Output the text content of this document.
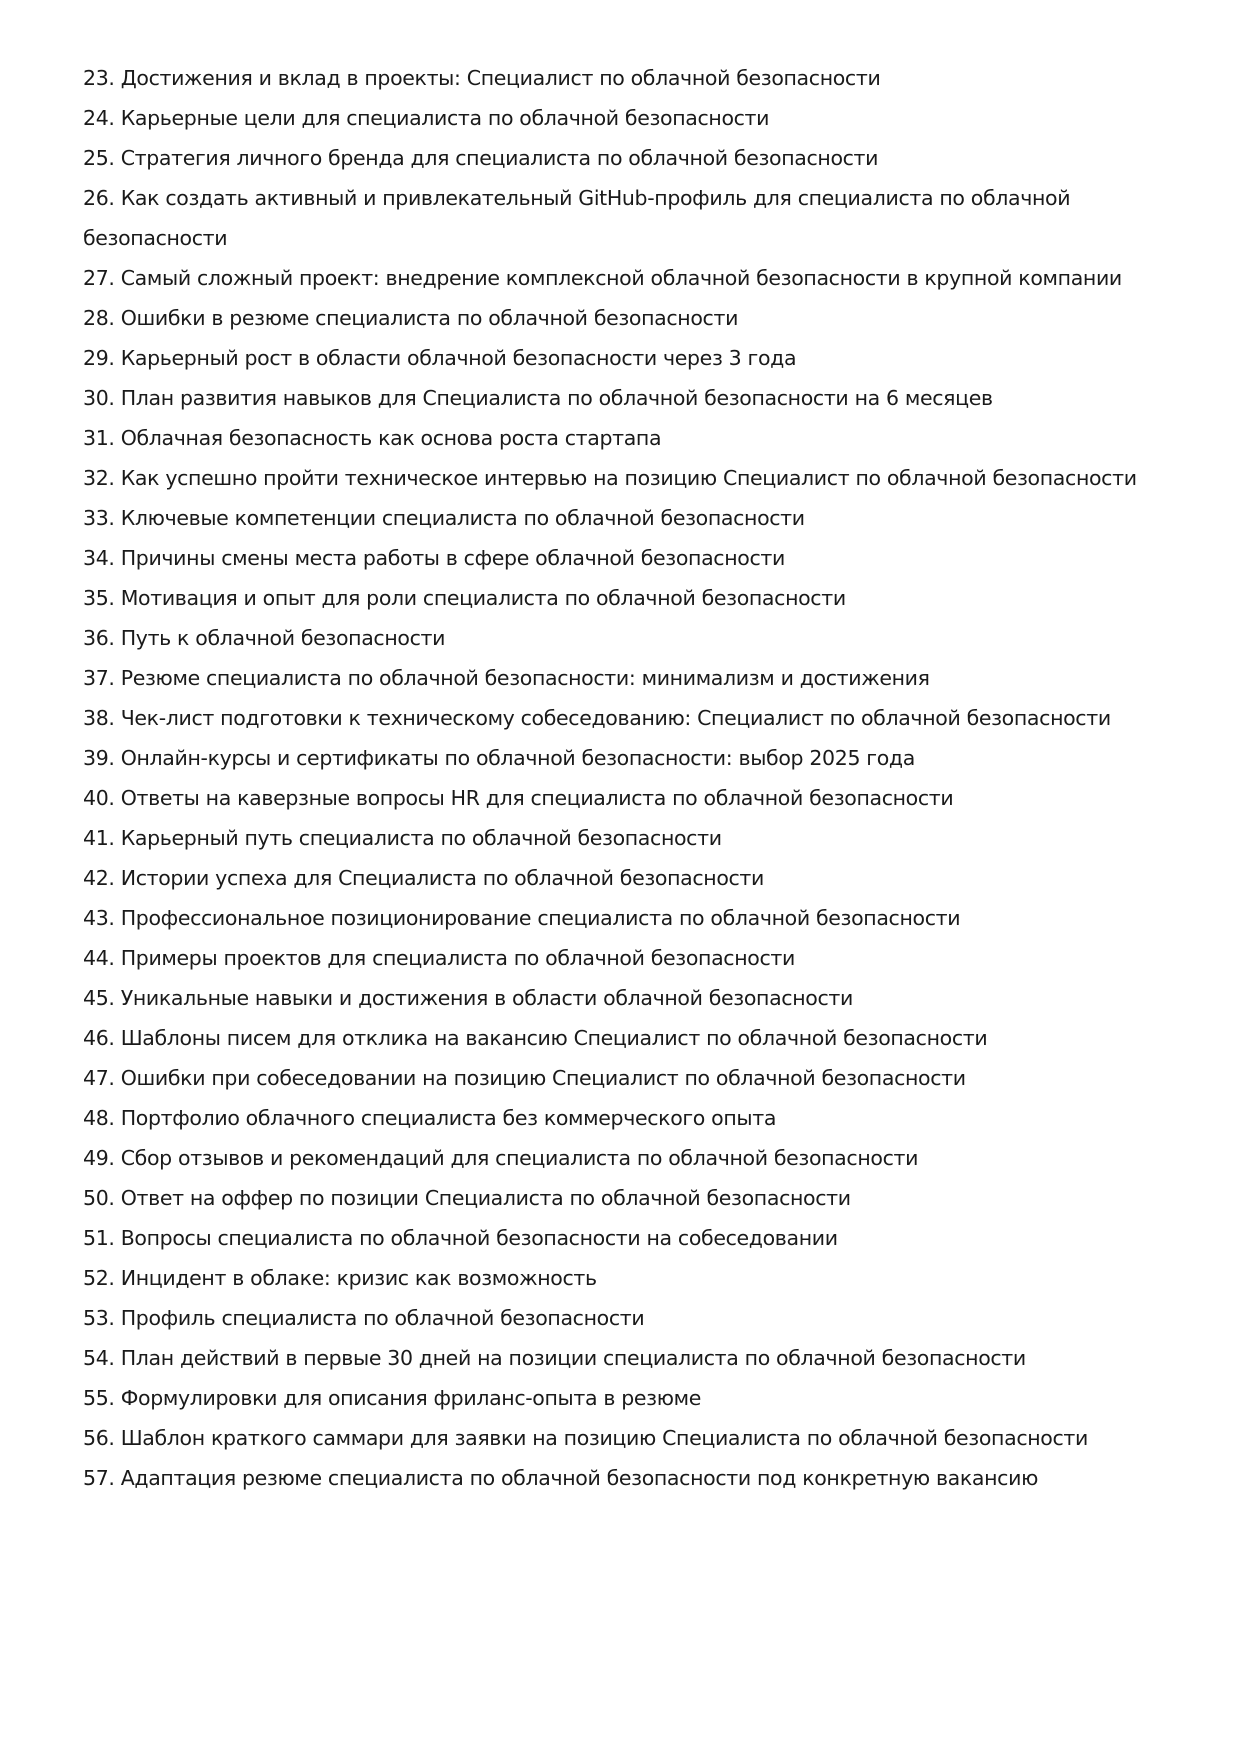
23. Достижения и вклад в проекты: Специалист по облачной безопасности
24. Карьерные цели для специалиста по облачной безопасности
25. Стратегия личного бренда для специалиста по облачной безопасности
26. Как создать активный и привлекательный GitHub-профиль для специалиста по облачной безопасности
27. Самый сложный проект: внедрение комплексной облачной безопасности в крупной компании
28. Ошибки в резюме специалиста по облачной безопасности
29. Карьерный рост в области облачной безопасности через 3 года
30. План развития навыков для Специалиста по облачной безопасности на 6 месяцев
31. Облачная безопасность как основа роста стартапа
32. Как успешно пройти техническое интервью на позицию Специалист по облачной безопасности
33. Ключевые компетенции специалиста по облачной безопасности
34. Причины смены места работы в сфере облачной безопасности
35. Мотивация и опыт для роли специалиста по облачной безопасности
36. Путь к облачной безопасности
37. Резюме специалиста по облачной безопасности: минимализм и достижения
38. Чек-лист подготовки к техническому собеседованию: Специалист по облачной безопасности
39. Онлайн-курсы и сертификаты по облачной безопасности: выбор 2025 года
40. Ответы на каверзные вопросы HR для специалиста по облачной безопасности
41. Карьерный путь специалиста по облачной безопасности
42. Истории успеха для Специалиста по облачной безопасности
43. Профессиональное позиционирование специалиста по облачной безопасности
44. Примеры проектов для специалиста по облачной безопасности
45. Уникальные навыки и достижения в области облачной безопасности
46. Шаблоны писем для отклика на вакансию Специалист по облачной безопасности
47. Ошибки при собеседовании на позицию Специалист по облачной безопасности
48. Портфолио облачного специалиста без коммерческого опыта
49. Сбор отзывов и рекомендаций для специалиста по облачной безопасности
50. Ответ на оффер по позиции Специалиста по облачной безопасности
51. Вопросы специалиста по облачной безопасности на собеседовании
52. Инцидент в облаке: кризис как возможность
53. Профиль специалиста по облачной безопасности
54. План действий в первые 30 дней на позиции специалиста по облачной безопасности
55. Формулировки для описания фриланс-опыта в резюме
56. Шаблон краткого саммари для заявки на позицию Специалиста по облачной безопасности
57. Адаптация резюме специалиста по облачной безопасности под конкретную вакансию
